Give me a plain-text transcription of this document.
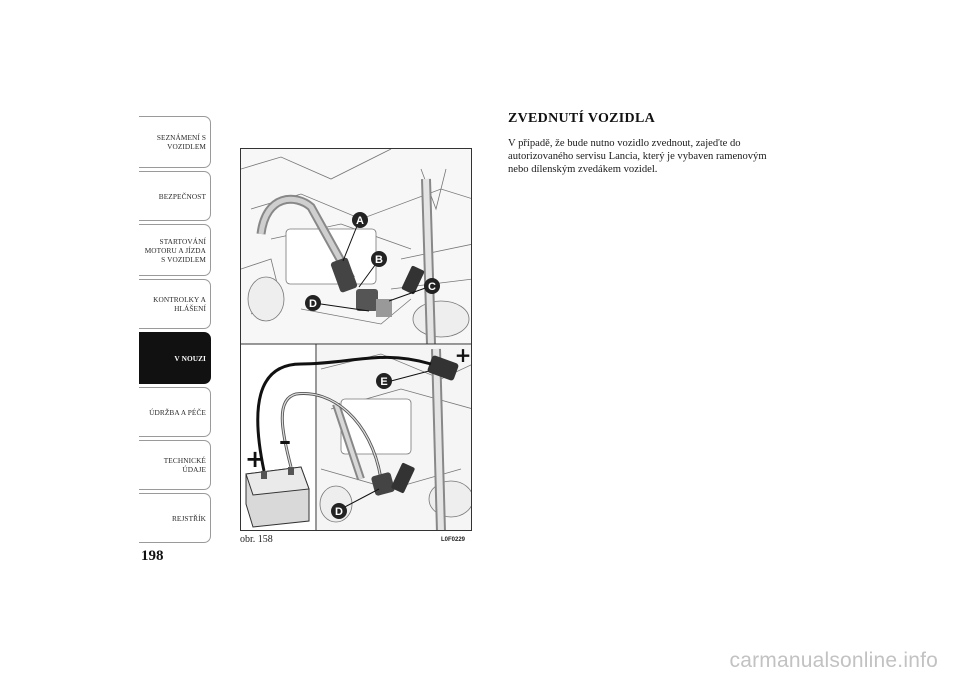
SEZNÁMENÍ S
VOZIDLEM
BEZPEČNOST
STARTOVÁNÍ
MOTORU A JÍZDA
S VOZIDLEM
KONTROLKY A
HLÁŠENÍ
V NOUZI
ÚDRŽBA A PÉČE
TECHNICKÉ
ÚDAJE
REJSTŘÍK
198
A
B
C
D
E
D
+
–
+
obr. 158	L0F0229
ZVEDNUTÍ VOZIDLA

V případě, že bude nutno vozidlo zvednout, zajeďte do autorizovaného servisu Lancia, který je vybaven ramenovým nebo dílenským zvedákem vozidel.

carmanualsonline.info
